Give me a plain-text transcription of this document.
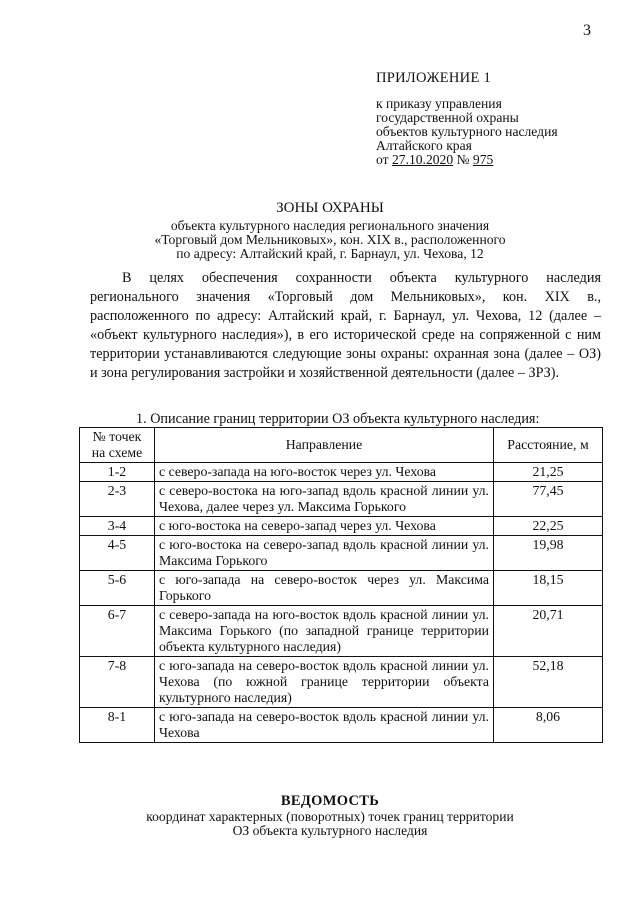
3
ПРИЛОЖЕНИЕ 1
к приказу управления
государственной охраны
объектов культурного наследия
Алтайского края
от 27.10.2020 № 975
ЗОНЫ ОХРАНЫ
объекта культурного наследия регионального значения
«Торговый дом Мельниковых», кон. XIX в., расположенного
по адресу: Алтайский край, г. Барнаул, ул. Чехова, 12

В целях обеспечения сохранности объекта культурного наследия регионального значения «Торговый дом Мельниковых», кон. XIX в., расположенного по адресу: Алтайский край, г. Барнаул, ул. Чехова, 12 (далее – «объект культурного наследия»), в его исторической среде на сопряженной с ним территории устанавливаются следующие зоны охраны: охранная зона (далее – ОЗ) и зона регулирования застройки и хозяйственной деятельности (далее – ЗРЗ).

1. Описание границ территории ОЗ объекта культурного наследия:
№ точек
на схеме	Направление	Расстояние, м
1-2	с северо-запада на юго-восток через ул. Чехова	21,25
2-3	с северо-востока на юго-запад вдоль красной линии ул. Чехова, далее через ул. Максима Горького	77,45
3-4	с юго-востока на северо-запад через ул. Чехова	22,25
4-5	с юго-востока на северо-запад вдоль красной линии ул. Максима Горького	19,98
5-6	с юго-запада на северо-восток через ул. Максима Горького	18,15
6-7	с северо-запада на юго-восток вдоль красной линии ул. Максима Горького (по западной границе территории объекта культурного наследия)	20,71
7-8	с юго-запада на северо-восток вдоль красной линии ул. Чехова (по южной границе территории объекта культурного наследия)	52,18
8-1	с юго-запада на северо-восток вдоль красной линии ул. Чехова	8,06
ВЕДОМОСТЬ
координат характерных (поворотных) точек границ территории
ОЗ объекта культурного наследия
